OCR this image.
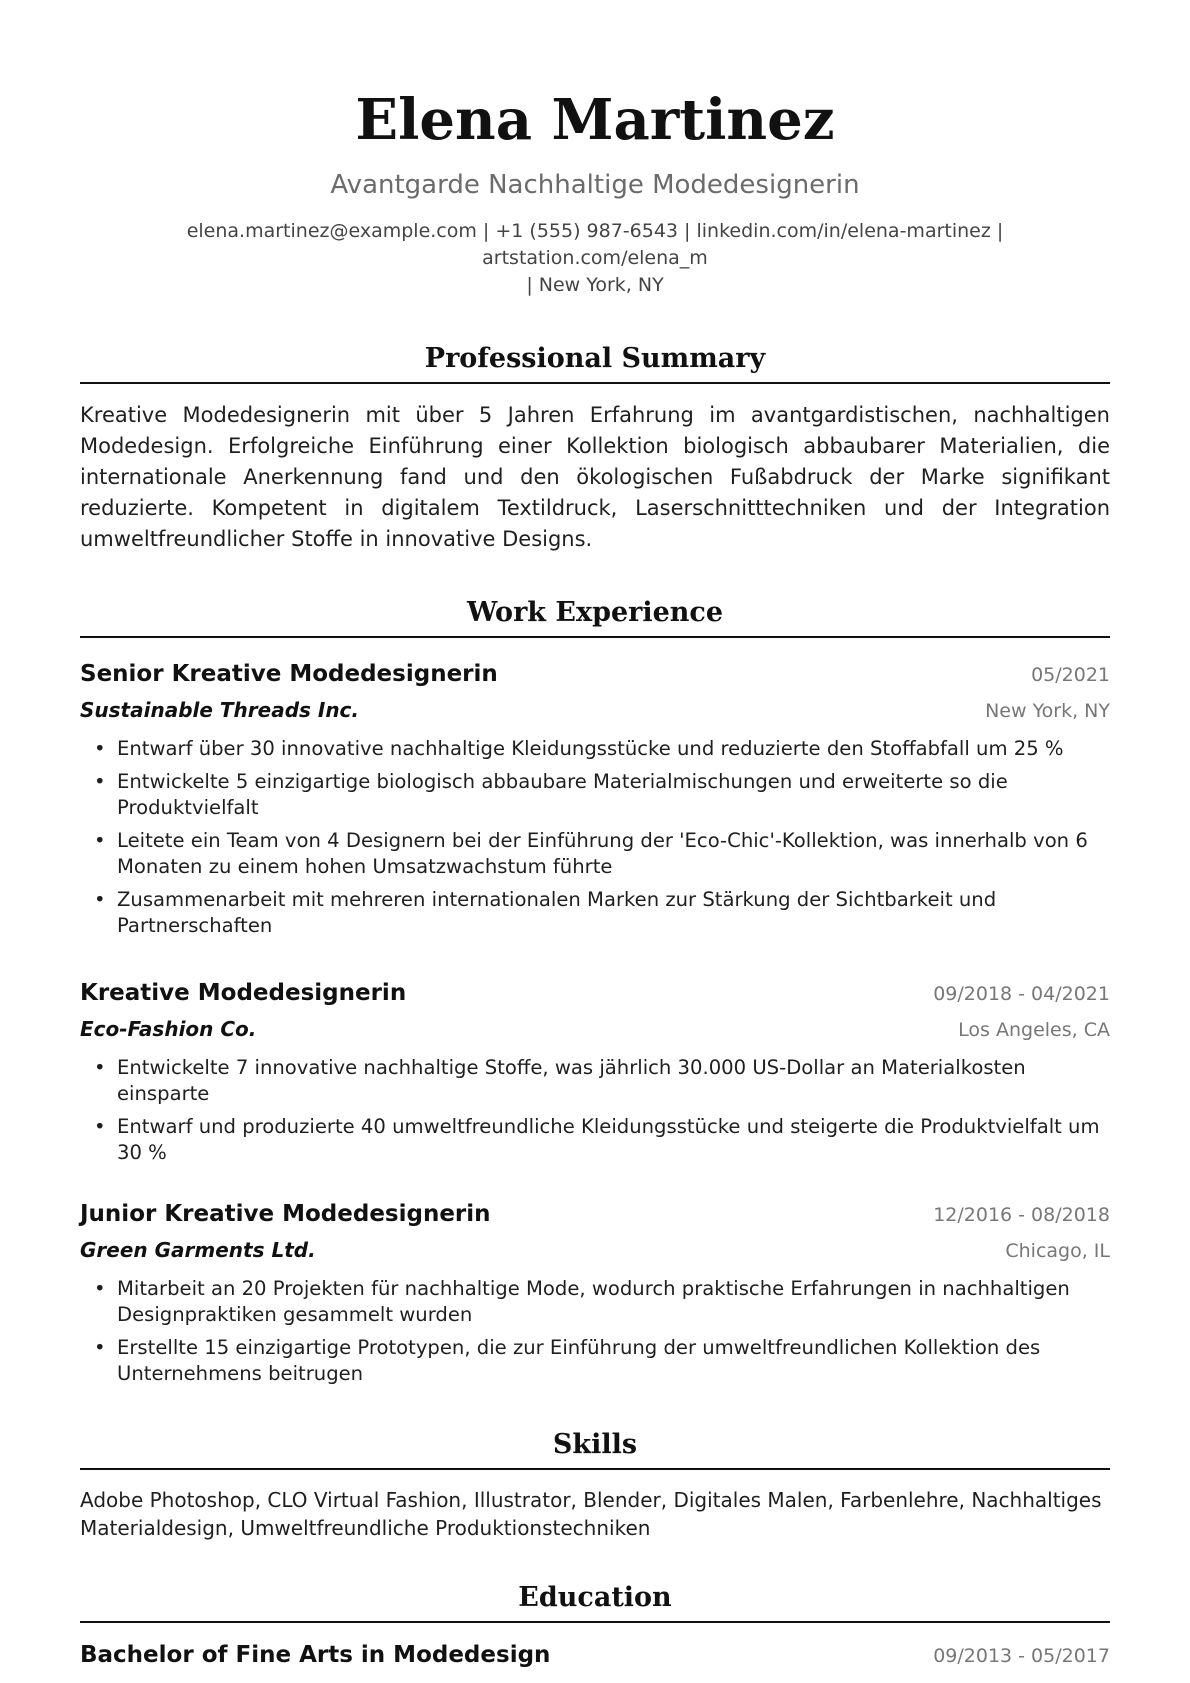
Elena Martinez
Avantgarde Nachhaltige Modedesignerin
elena.martinez@example.com | +1 (555) 987-6543 | linkedin.com/in/elena-martinez | artstation.com/elena_m
| New York, NY
Professional Summary

Kreative Modedesignerin mit über 5 Jahren Erfahrung im avantgardistischen, nachhaltigen Modedesign. Erfolgreiche Einführung einer Kollektion biologisch abbaubarer Materialien, die internationale Anerkennung fand und den ökologischen Fußabdruck der Marke signifikant reduzierte. Kompetent in digitalem Textildruck, Laserschnitttechniken und der Integration umweltfreundlicher Stoffe in innovative Designs.

Work Experience
Senior Kreative Modedesignerin	05/2021
Sustainable Threads Inc.	New York, NY
• Entwarf über 30 innovative nachhaltige Kleidungsstücke und reduzierte den Stoffabfall um 25 %
• Entwickelte 5 einzigartige biologisch abbaubare Materialmischungen und erweiterte so die Produktvielfalt
• Leitete ein Team von 4 Designern bei der Einführung der 'Eco-Chic'-Kollektion, was innerhalb von 6 Monaten zu einem hohen Umsatzwachstum führte
• Zusammenarbeit mit mehreren internationalen Marken zur Stärkung der Sichtbarkeit und Partnerschaften
Kreative Modedesignerin	09/2018 - 04/2021
Eco-Fashion Co.	Los Angeles, CA
• Entwickelte 7 innovative nachhaltige Stoffe, was jährlich 30.000 US-Dollar an Materialkosten einsparte
• Entwarf und produzierte 40 umweltfreundliche Kleidungsstücke und steigerte die Produktvielfalt um 30 %
Junior Kreative Modedesignerin	12/2016 - 08/2018
Green Garments Ltd.	Chicago, IL
• Mitarbeit an 20 Projekten für nachhaltige Mode, wodurch praktische Erfahrungen in nachhaltigen Designpraktiken gesammelt wurden
• Erstellte 15 einzigartige Prototypen, die zur Einführung der umweltfreundlichen Kollektion des Unternehmens beitrugen
Skills

Adobe Photoshop, CLO Virtual Fashion, Illustrator, Blender, Digitales Malen, Farbenlehre, Nachhaltiges Materialdesign, Umweltfreundliche Produktionstechniken

Education
Bachelor of Fine Arts in Modedesign	09/2013 - 05/2017
